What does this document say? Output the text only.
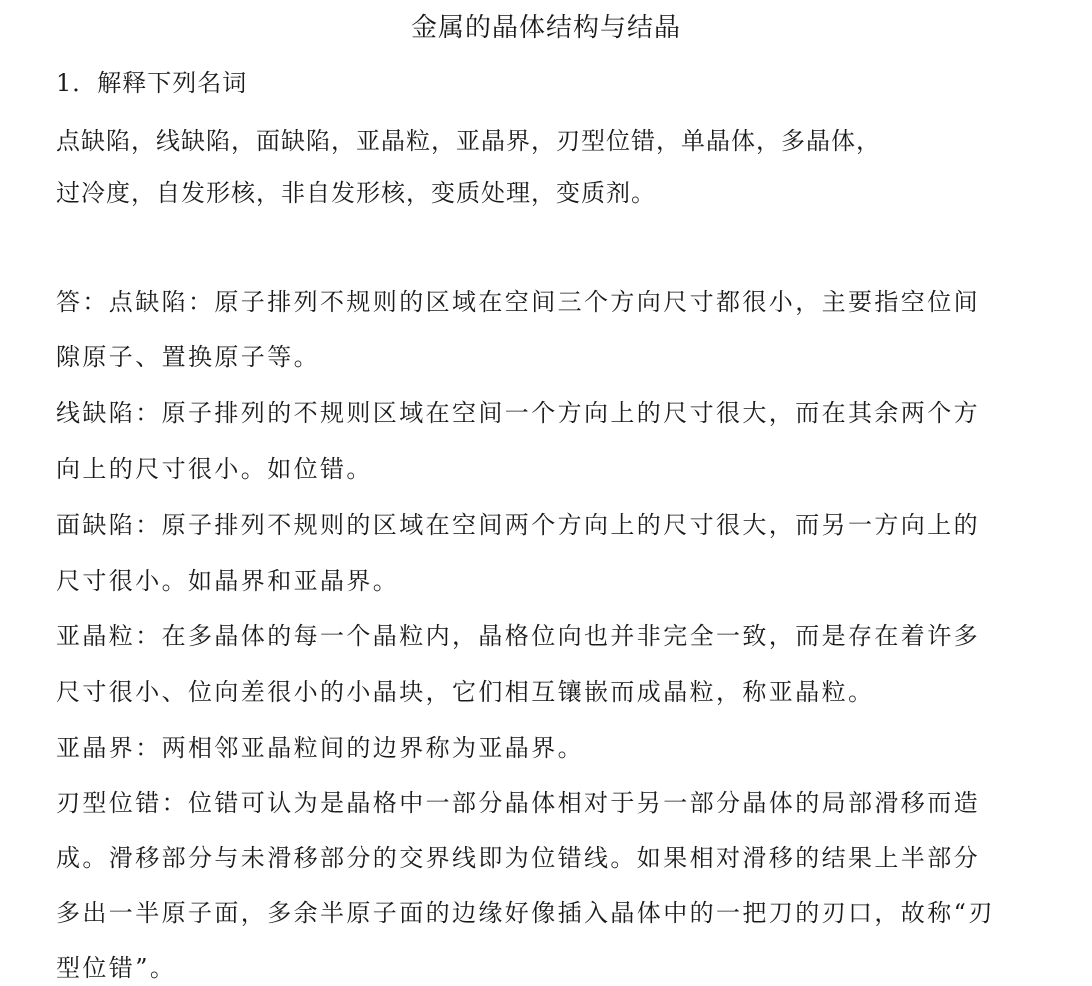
金属的晶体结构与结晶
1．解释下列名词
点缺陷，线缺陷，面缺陷，亚晶粒，亚晶界，刃型位错，单晶体，多晶体，
过冷度，自发形核，非自发形核，变质处理，变质剂。
答：点缺陷：原子排列不规则的区域在空间三个方向尺寸都很小，主要指空位间
隙原子、置换原子等。
线缺陷：原子排列的不规则区域在空间一个方向上的尺寸很大，而在其余两个方
向上的尺寸很小。如位错。
面缺陷：原子排列不规则的区域在空间两个方向上的尺寸很大，而另一方向上的
尺寸很小。如晶界和亚晶界。
亚晶粒：在多晶体的每一个晶粒内，晶格位向也并非完全一致，而是存在着许多
尺寸很小、位向差很小的小晶块，它们相互镶嵌而成晶粒，称亚晶粒。
亚晶界：两相邻亚晶粒间的边界称为亚晶界。
刃型位错：位错可认为是晶格中一部分晶体相对于另一部分晶体的局部滑移而造
成。滑移部分与未滑移部分的交界线即为位错线。如果相对滑移的结果上半部分
多出一半原子面，多余半原子面的边缘好像插入晶体中的一把刀的刃口，故称“刃
型位错”。
